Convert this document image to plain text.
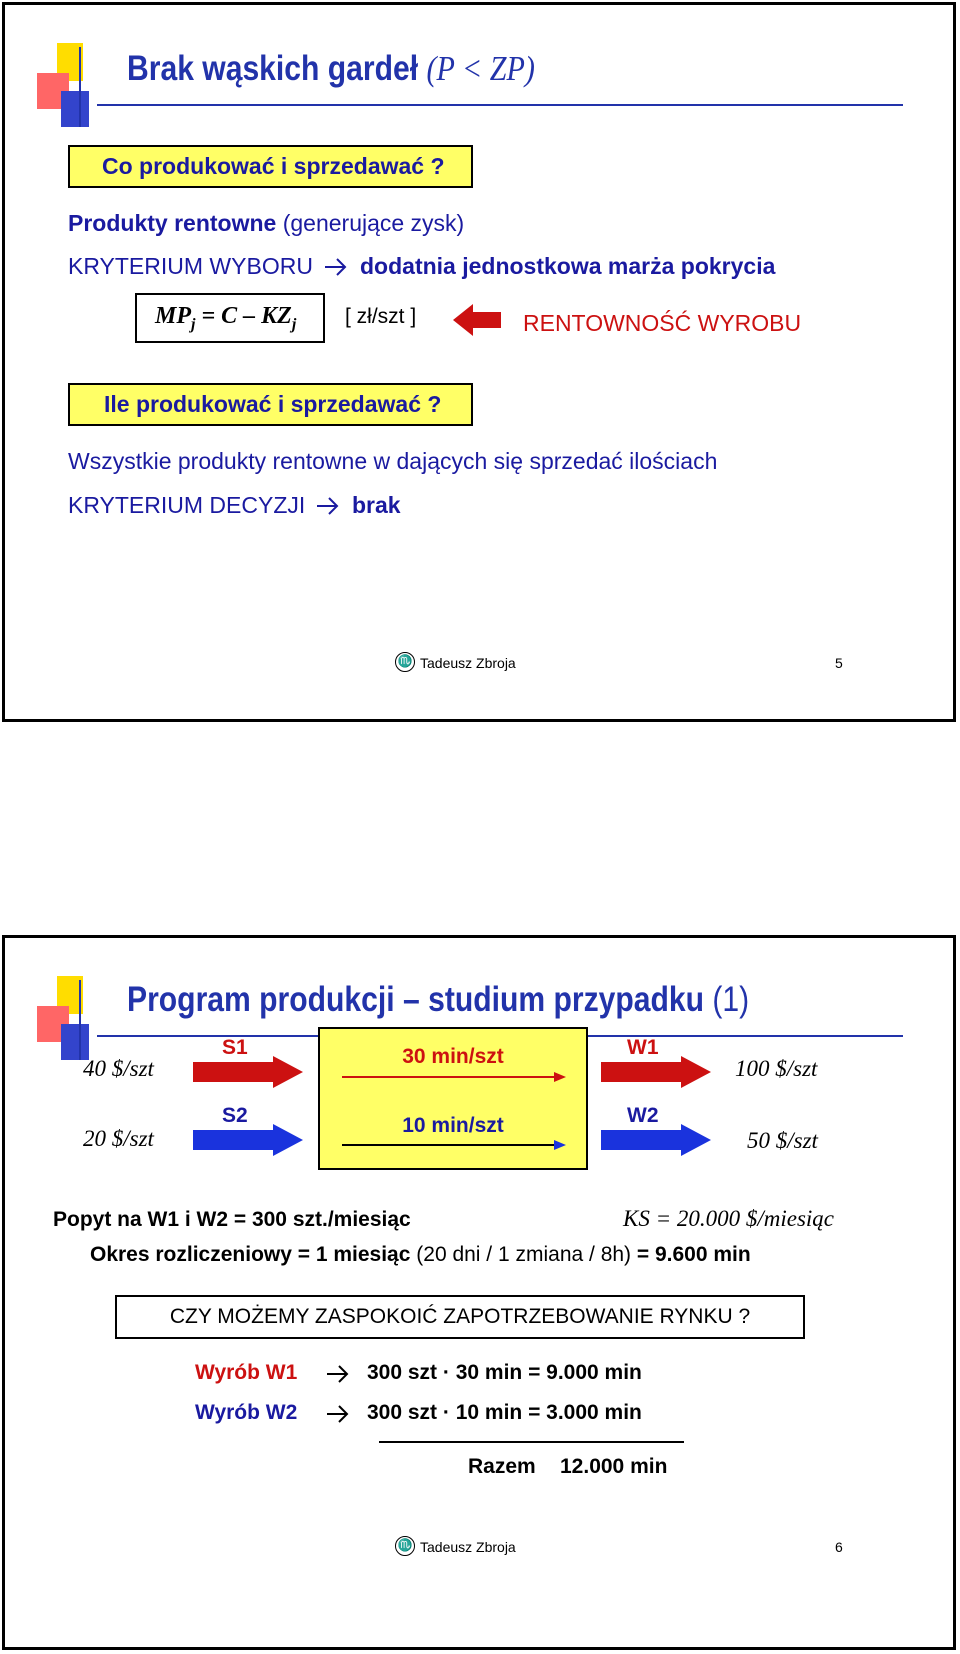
Brak wąskich gardeł (P < ZP)
Co produkować i sprzedawać ?
Produkty rentowne (generujące zysk)
KRYTERIUM WYBORU dodatnia jednostkowa marża pokrycia
$MP_j = C - KZ_j$ [ zł/szt ]	RENTOWNOŚĆ WYROBU
Ile produkować i sprzedawać ?
Wszystkie produkty rentowne w dających się sprzedać ilościach
KRYTERIUM DECYZJI brak
♏ Tadeusz Zbroja	5
Program produkcji – studium przypadku (1)
40 $/szt
20 $/szt
S1
S2
30 min/szt
10 min/szt
W1
W2
100 $/szt
50 $/szt
Popyt na W1 i W2 = 300 szt./miesiąc	KS = 20.000 $/miesiąc
Okres rozliczeniowy = 1 miesiąc (20 dni / 1 zmiana / 8h) = 9.600 min
CZY MOŻEMY ZASPOKOIĆ ZAPOTRZEBOWANIE RYNKU ?
Wyrób W1	300 szt · 30 min = 9.000 min
Wyrób W2	300 szt · 10 min = 3.000 min
Razem 12.000 min
♏ Tadeusz Zbroja	6
